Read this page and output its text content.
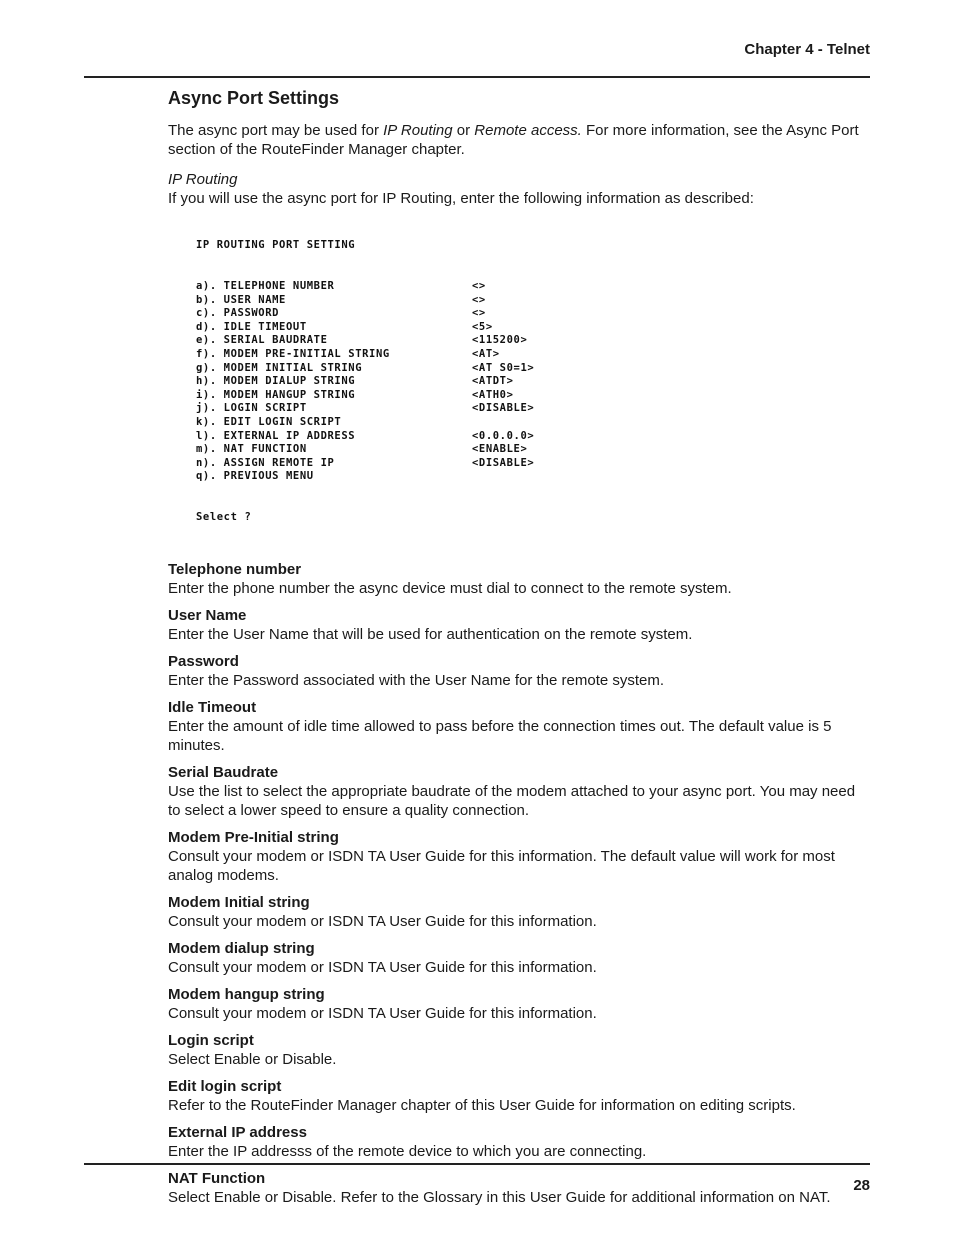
Chapter 4 - Telnet
Async Port Settings

The async port may be used for IP Routing or Remote access. For more information, see the Async Port section of the RouteFinder Manager chapter.

IP Routing

If you will use the async port for IP Routing, enter the following information as described:

IP ROUTING PORT SETTING

a). TELEPHONE NUMBER	<>
b). USER NAME	<>
c). PASSWORD	<>
d). IDLE TIMEOUT	<5>
e). SERIAL BAUDRATE	<115200>
f). MODEM PRE-INITIAL STRING	<AT>
g). MODEM INITIAL STRING	<AT S0=1>
h). MODEM DIALUP STRING	<ATDT>
i). MODEM HANGUP STRING	<ATH0>
j). LOGIN SCRIPT	<DISABLE>
k). EDIT LOGIN SCRIPT
l). EXTERNAL IP ADDRESS	<0.0.0.0>
m). NAT FUNCTION	<ENABLE>
n). ASSIGN REMOTE IP	<DISABLE>
q). PREVIOUS MENU

Select ?

Telephone number
Enter the phone number the async device must dial to connect to the remote system.
User Name
Enter the User Name that will be used for authentication on the remote system.
Password
Enter the Password associated with the User Name for the remote system.
Idle Timeout
Enter the amount of idle time allowed to pass before the connection times out. The default value is 5 minutes.
Serial Baudrate
Use the list to select the appropriate baudrate of the modem attached to your async port. You may need to select a lower speed to ensure a quality connection.
Modem Pre-Initial string
Consult your modem or ISDN TA User Guide for this information. The default value will work for most analog modems.
Modem Initial string
Consult your modem or ISDN TA User Guide for this information.
Modem dialup string
Consult your modem or ISDN TA User Guide for this information.
Modem hangup string
Consult your modem or ISDN TA User Guide for this information.
Login script
Select Enable or Disable.
Edit login script
Refer to the RouteFinder Manager chapter of this User Guide for information on editing scripts.
External IP address
Enter the IP addresss of the remote device to which you are connecting.
NAT Function
Select Enable or Disable. Refer to the Glossary in this User Guide for additional information on NAT.
28
